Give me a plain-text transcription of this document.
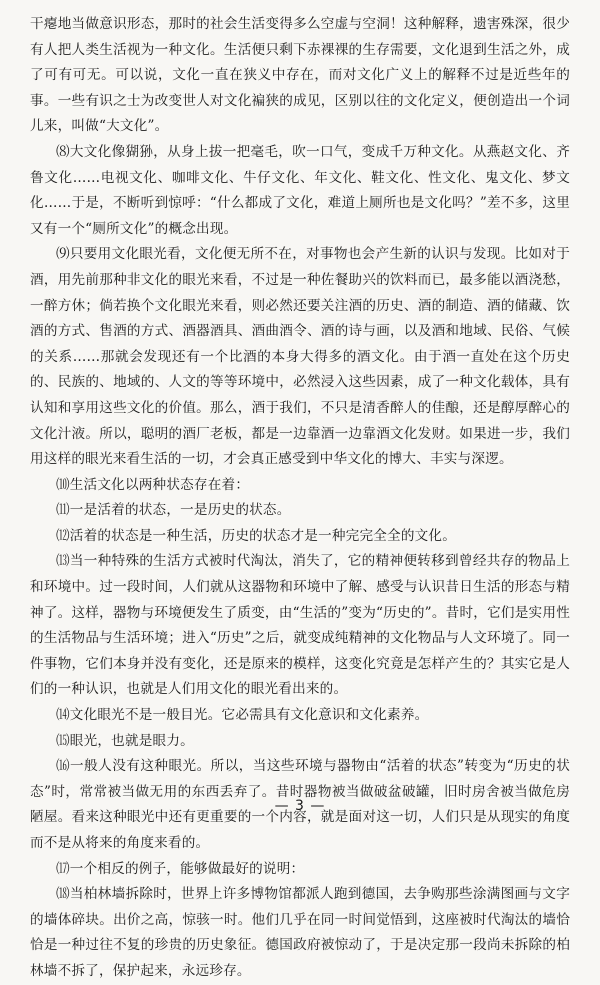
干瘪地当做意识形态，那时的社会生活变得多么空虚与空洞！这种解释，遗害殊深，很少有人把人类生活视为一种文化。生活便只剩下赤裸裸的生存需要，文化退到生活之外，成了可有可无。可以说，文化一直在狭义中存在，而对文化广义上的解释不过是近些年的事。一些有识之士为改变世人对文化褊狭的成见，区别以往的文化定义，便创造出一个词儿来，叫做“大文化”。

⑻大文化像猢狲，从身上拔一把毫毛，吹一口气，变成千万种文化。从燕赵文化、齐鲁文化……电视文化、咖啡文化、牛仔文化、年文化、鞋文化、性文化、鬼文化、梦文化……于是，不断听到惊呼：“什么都成了文化，难道上厕所也是文化吗？”差不多，这里又有一个“厕所文化”的概念出现。

⑼只要用文化眼光看，文化便无所不在，对事物也会产生新的认识与发现。比如对于酒，用先前那种非文化的眼光来看，不过是一种佐餐助兴的饮料而已，最多能以酒浇愁，一醉方休；倘若换个文化眼光来看，则必然还要关注酒的历史、酒的制造、酒的储藏、饮酒的方式、售酒的方式、酒器酒具、酒曲酒令、酒的诗与画，以及酒和地域、民俗、气候的关系……那就会发现还有一个比酒的本身大得多的酒文化。由于酒一直处在这个历史的、民族的、地域的、人文的等等环境中，必然浸入这些因素，成了一种文化载体，具有认知和享用这些文化的价值。那么，酒于我们，不只是清香醉人的佳酿，还是醇厚醉心的文化汁液。所以，聪明的酒厂老板，都是一边靠酒一边靠酒文化发财。如果进一步，我们用这样的眼光来看生活的一切，才会真正感受到中华文化的博大、丰实与深逻。

⑽生活文化以两种状态存在着：

⑾一是活着的状态，一是历史的状态。

⑿活着的状态是一种生活，历史的状态才是一种完完全全的文化。

⒀当一种特殊的生活方式被时代淘汰，消失了，它的精神便转移到曾经共存的物品上和环境中。过一段时间，人们就从这器物和环境中了解、感受与认识昔日生活的形态与精神了。这样，器物与环境便发生了质变，由“生活的”变为“历史的”。昔时，它们是实用性的生活物品与生活环境；进入“历史”之后，就变成纯精神的文化物品与人文环境了。同一件事物，它们本身并没有变化，还是原来的模样，这变化究竟是怎样产生的？其实它是人们的一种认识，也就是人们用文化的眼光看出来的。

⒁文化眼光不是一般目光。它必需具有文化意识和文化素养。

⒂眼光，也就是眼力。

⒃一般人没有这种眼光。所以，当这些环境与器物由“活着的状态”转变为“历史的状态”时，常常被当做无用的东西丢弃了。昔时器物被当做破盆破罐，旧时房舍被当做危房陋屋。看来这种眼光中还有更重要的一个内容，就是面对这一切，人们只是从现实的角度而不是从将来的角度来看的。

⒄一个相反的例子，能够做最好的说明：

⒅当柏林墙拆除时，世界上许多博物馆都派人跑到德国，去争购那些涂满图画与文字的墙体碎块。出价之高，惊骇一时。他们几乎在同一时间觉悟到，这座被时代淘汰的墙恰恰是一种过往不复的珍贵的历史象征。德国政府被惊动了，于是决定那一段尚未拆除的柏林墙不拆了，保护起来，永远珍存。

— 3 —
